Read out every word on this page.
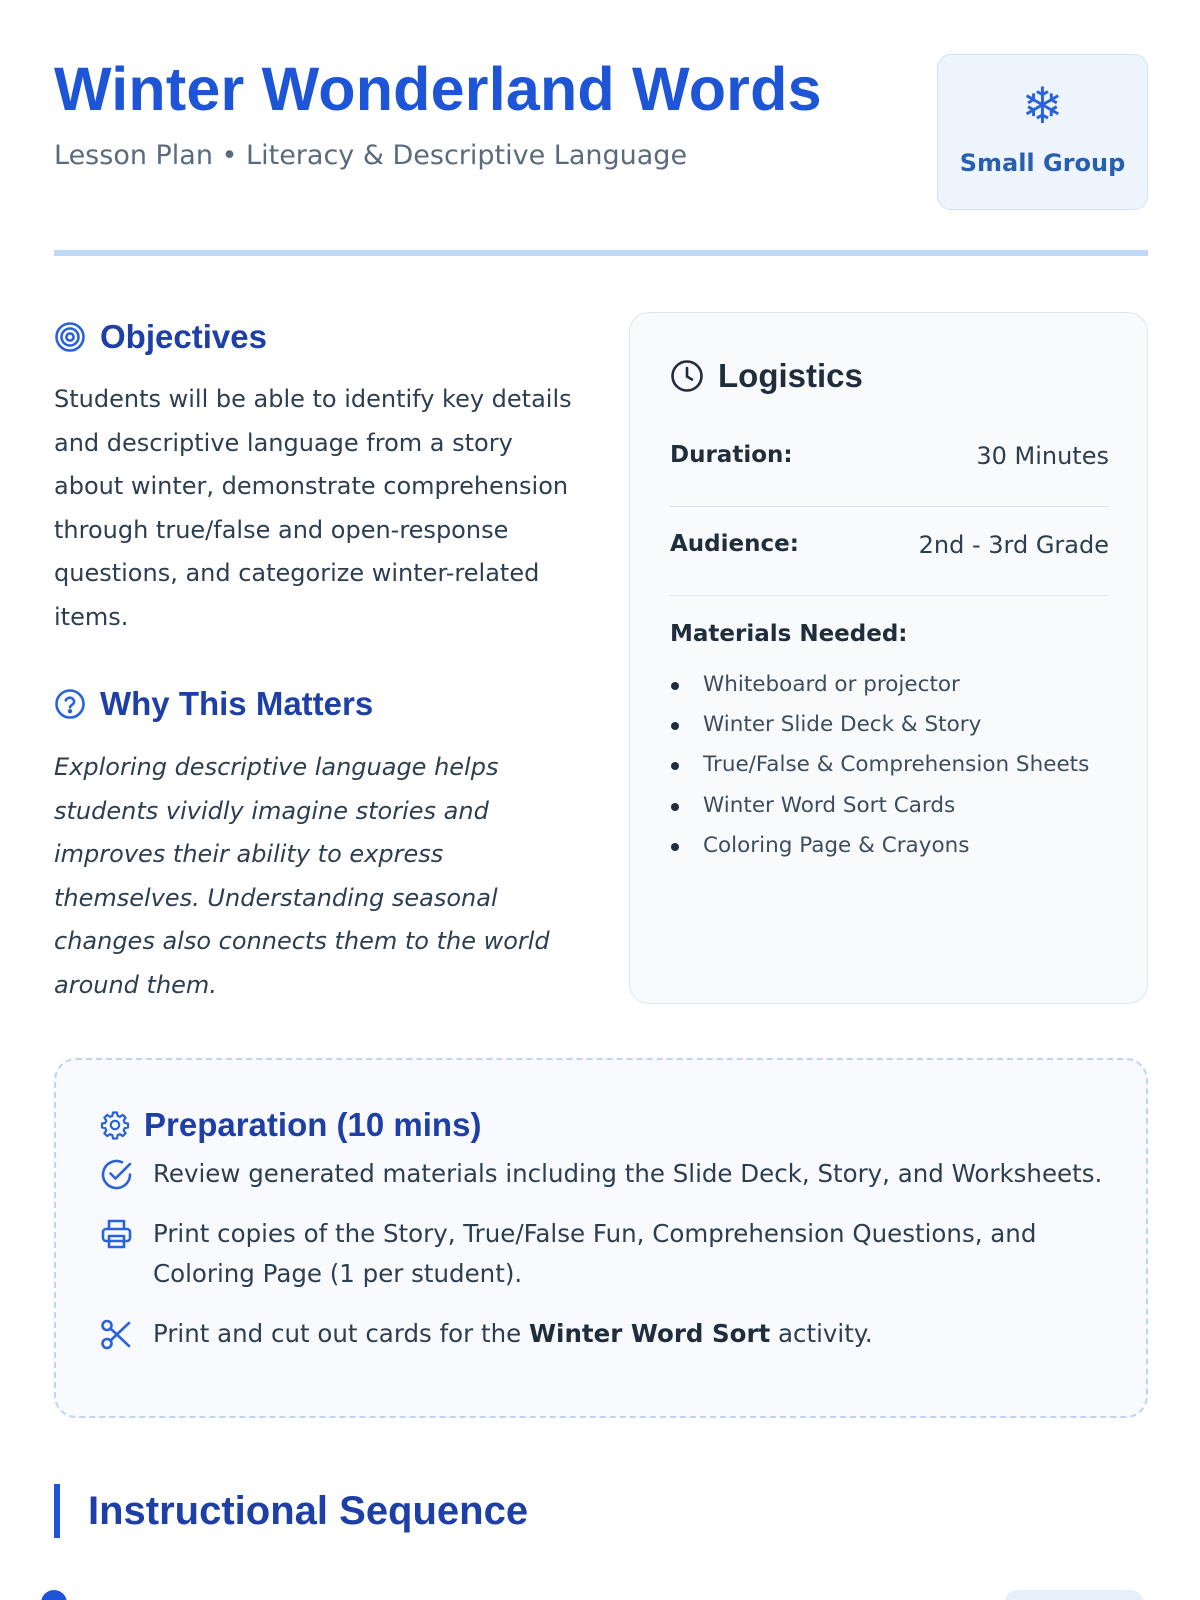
Winter Wonderland Words
Lesson Plan • Literacy & Descriptive Language
❄
Small Group
Objectives
Students will be able to identify key details
and descriptive language from a story
about winter, demonstrate comprehension
through true/false and open-response
questions, and categorize winter-related
items.
Why This Matters
Exploring descriptive language helps
students vividly imagine stories and
improves their ability to express
themselves. Understanding seasonal
changes also connects them to the world
around them.
Logistics
Duration:	30 Minutes
Audience:	2nd - 3rd Grade
Materials Needed:
Whiteboard or projector
Winter Slide Deck & Story
True/False & Comprehension Sheets
Winter Word Sort Cards
Coloring Page & Crayons
Preparation (10 mins)
Review generated materials including the Slide Deck, Story, and Worksheets.
Print copies of the Story, True/False Fun, Comprehension Questions, and
Coloring Page (1 per student).
Print and cut out cards for the Winter Word Sort activity.
Instructional Sequence
